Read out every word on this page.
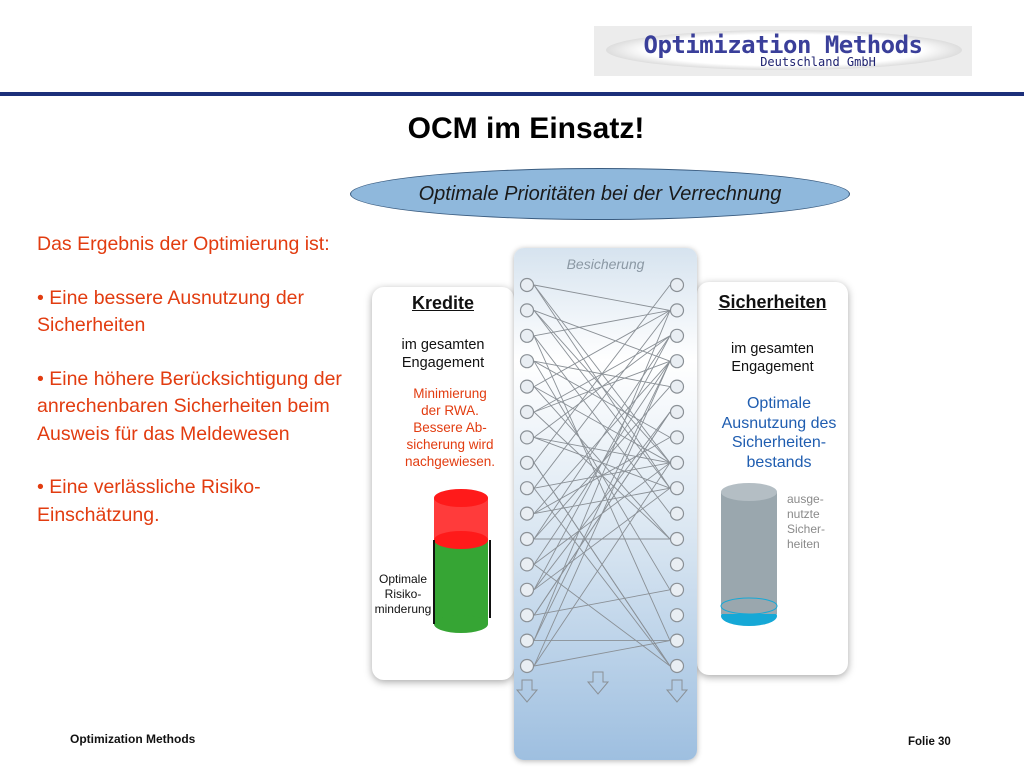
Optimization Methods
Deutschland GmbH
OCM im Einsatz!
Optimale Prioritäten bei der Verrechnung

Das Ergebnis der Optimierung ist:

• Eine bessere Ausnutzung der Sicherheiten

• Eine höhere Berücksichtigung der anrechenbaren Sicherheiten beim Ausweis für das Meldewesen

• Eine verlässliche Risiko-Einschätzung.

Besicherung
Kredite	Sicherheiten
im gesamten
Engagement
im gesamten
Engagement
Minimierung
der RWA.
Bessere Ab-
sicherung wird
nachgewiesen.
Optimale
Ausnutzung des
Sicherheiten-
bestands
Optimale
Risiko-
minderung
ausge-
nutzte
Sicher-
heiten
Optimization Methods	Folie 30
